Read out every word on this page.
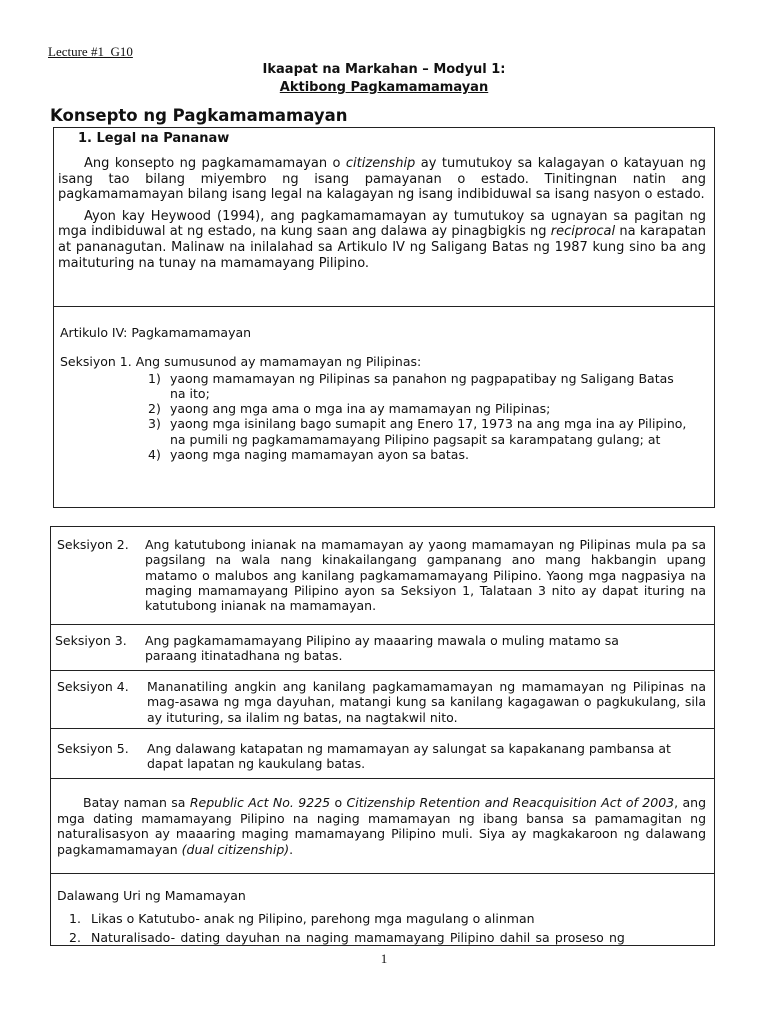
Lecture #1_G10
Ikaapat na Markahan – Modyul 1:
Aktibong Pagkamamamayan
Konsepto ng Pagkamamamayan

1. Legal na Pananaw

Ang konsepto ng pagkamamamayan o citizenship ay tumutukoy sa kalagayan o katayuan ng isang tao bilang miyembro ng isang pamayanan o estado. Tinitingnan natin ang pagkamamamayan bilang isang legal na kalagayan ng isang indibiduwal sa isang nasyon o estado.

Ayon kay Heywood (1994), ang pagkamamamayan ay tumutukoy sa ugnayan sa pagitan ng mga indibiduwal at ng estado, na kung saan ang dalawa ay pinagbigkis ng reciprocal na karapatan at pananagutan. Malinaw na inilalahad sa Artikulo IV ng Saligang Batas ng 1987 kung sino ba ang maituturing na tunay na mamamayang Pilipino.

Artikulo IV: Pagkamamamayan

Seksiyon 1. Ang sumusunod ay mamamayan ng Pilipinas:

1) yaong mamamayan ng Pilipinas sa panahon ng pagpapatibay ng Saligang Batas na ito;
2) yaong ang mga ama o mga ina ay mamamayan ng Pilipinas;
3) yaong mga isinilang bago sumapit ang Enero 17, 1973 na ang mga ina ay Pilipino, na pumili ng pagkamamamayang Pilipino pagsapit sa karampatang gulang; at
4) yaong mga naging mamamayan ayon sa batas.
Seksiyon 2.	Ang katutubong inianak na mamamayan ay yaong mamamayan ng Pilipinas mula pa sa pagsilang na wala nang kinakailangang gampanang ano mang hakbangin upang matamo o malubos ang kanilang pagkamamamayang Pilipino. Yaong mga nagpasiya na maging mamamayang Pilipino ayon sa Seksiyon 1, Talataan 3 nito ay dapat ituring na katutubong inianak na mamamayan.
Seksiyon 3.	Ang pagkamamamayang Pilipino ay maaaring mawala o muling matamo sa paraang itinatadhana ng batas.
Seksiyon 4.	Mananatiling angkin ang kanilang pagkamamamayan ng mamamayan ng Pilipinas na mag-asawa ng mga dayuhan, matangi kung sa kanilang kagagawan o pagkukulang, sila ay ituturing, sa ilalim ng batas, na nagtakwil nito.
Seksiyon 5.	Ang dalawang katapatan ng mamamayan ay salungat sa kapakanang pambansa at dapat lapatan ng kaukulang batas.

Batay naman sa Republic Act No. 9225 o Citizenship Retention and Reacquisition Act of 2003, ang mga dating mamamayang Pilipino na naging mamamayan ng ibang bansa sa pamamagitan ng naturalisasyon ay maaaring maging mamamayang Pilipino muli. Siya ay magkakaroon ng dalawang pagkamamamayan (dual citizenship).

Dalawang Uri ng Mamamayan

1. Likas o Katutubo- anak ng Pilipino, parehong mga magulang o alinman
2. Naturalisado- dating dayuhan na naging mamamayang Pilipino dahil sa proseso ng
1
